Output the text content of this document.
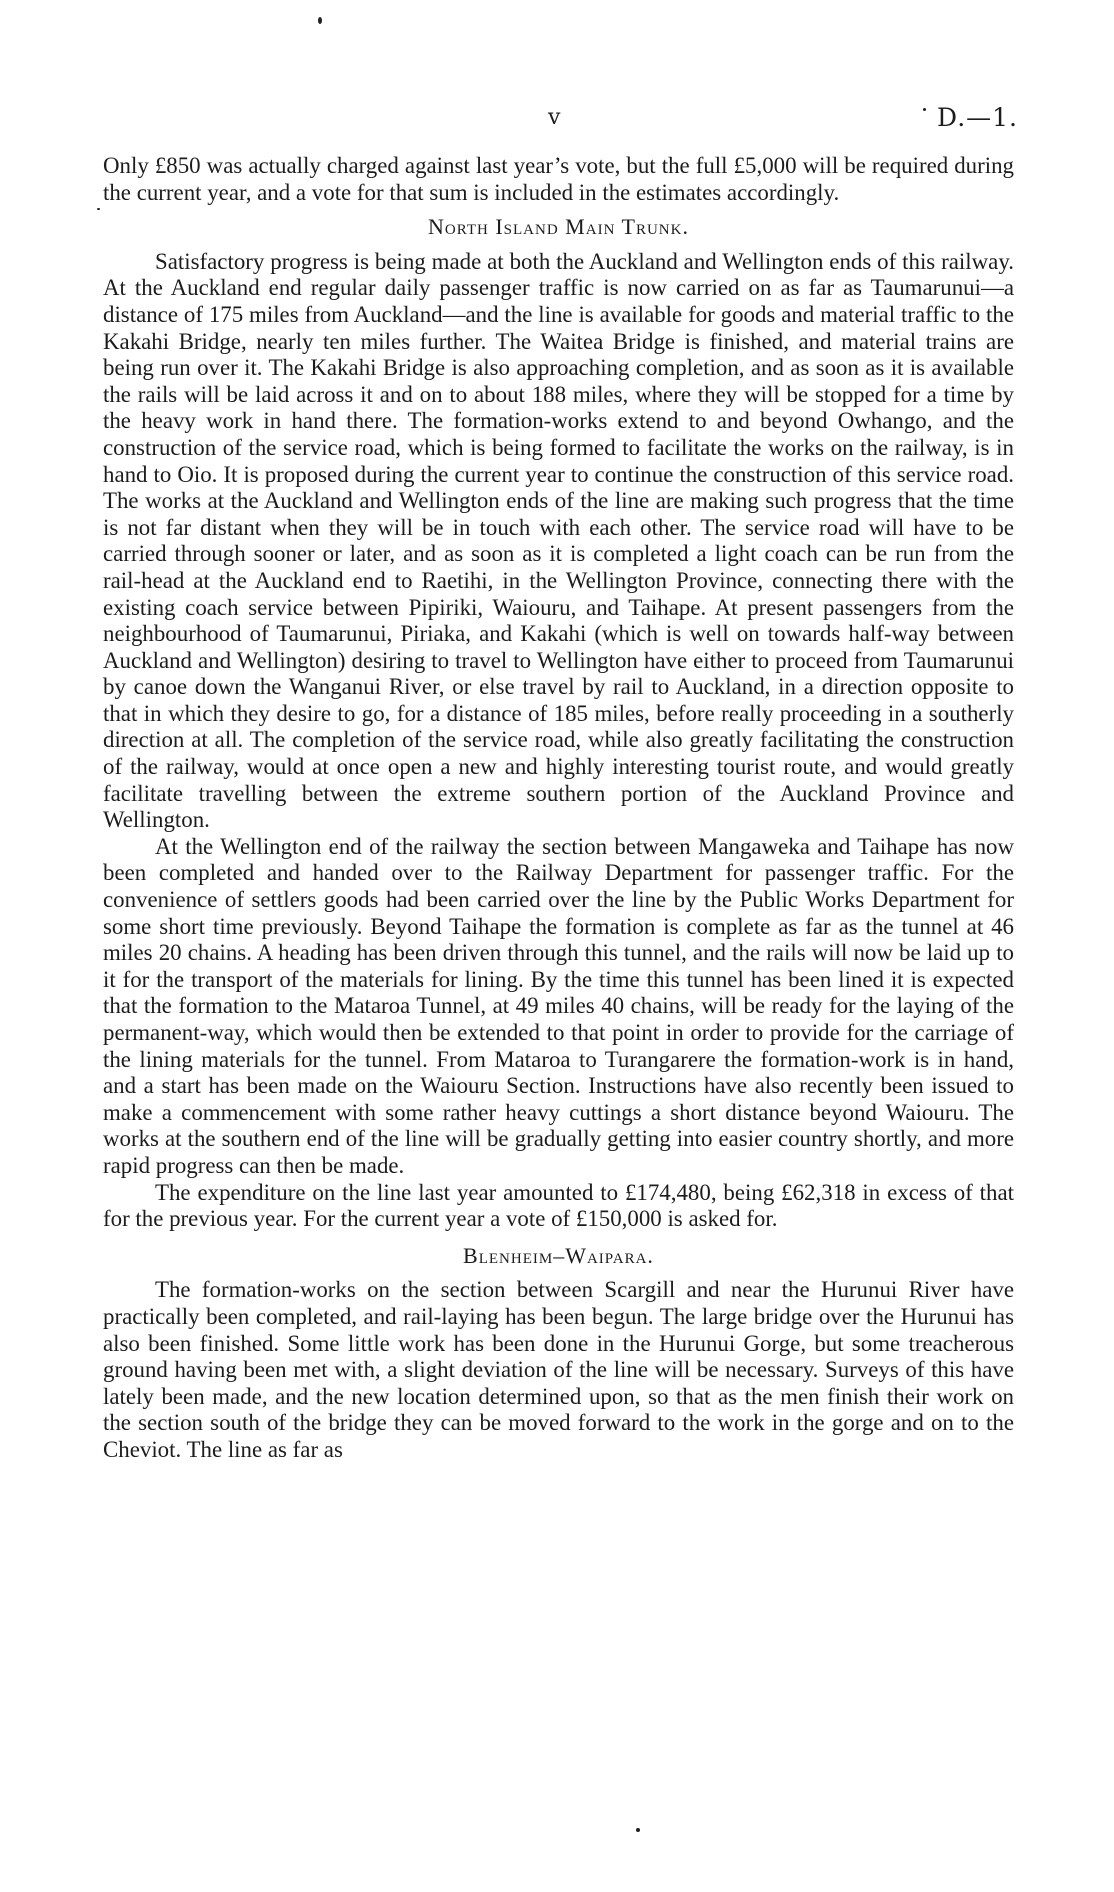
v	D.—1.

Only £850 was actually charged against last year’s vote, but the full £5,000 will be required during the current year, and a vote for that sum is included in the estimates accordingly.

North Island Main Trunk.

Satisfactory progress is being made at both the Auckland and Wellington ends of this railway. At the Auckland end regular daily passenger traffic is now carried on as far as Taumarunui—a distance of 175 miles from Auckland—and the line is available for goods and material traffic to the Kakahi Bridge, nearly ten miles further. The Waitea Bridge is finished, and material trains are being run over it. The Kakahi Bridge is also approaching completion, and as soon as it is available the rails will be laid across it and on to about 188 miles, where they will be stopped for a time by the heavy work in hand there. The formation-works extend to and beyond Owhango, and the construction of the service road, which is being formed to facilitate the works on the railway, is in hand to Oio. It is proposed during the current year to continue the construction of this service road. The works at the Auckland and Wellington ends of the line are making such progress that the time is not far distant when they will be in touch with each other. The service road will have to be carried through sooner or later, and as soon as it is completed a light coach can be run from the rail-head at the Auckland end to Raetihi, in the Wellington Province, connecting there with the existing coach service between Pipiriki, Waiouru, and Taihape. At present passengers from the neighbourhood of Taumarunui, Piriaka, and Kakahi (which is well on towards half-way between Auckland and Wellington) desiring to travel to Wellington have either to proceed from Taumarunui by canoe down the Wanganui River, or else travel by rail to Auckland, in a direction opposite to that in which they desire to go, for a distance of 185 miles, before really proceeding in a southerly direction at all. The completion of the service road, while also greatly facilitating the construction of the railway, would at once open a new and highly interesting tourist route, and would greatly facilitate travelling between the extreme southern portion of the Auckland Province and Wellington.

At the Wellington end of the railway the section between Mangaweka and Taihape has now been completed and handed over to the Railway Department for passenger traffic. For the convenience of settlers goods had been carried over the line by the Public Works Department for some short time previously. Beyond Taihape the formation is complete as far as the tunnel at 46 miles 20 chains. A heading has been driven through this tunnel, and the rails will now be laid up to it for the transport of the materials for lining. By the time this tunnel has been lined it is expected that the formation to the Mataroa Tunnel, at 49 miles 40 chains, will be ready for the laying of the permanent-way, which would then be extended to that point in order to provide for the carriage of the lining materials for the tunnel. From Mataroa to Turangarere the formation-work is in hand, and a start has been made on the Waiouru Section. Instructions have also recently been issued to make a commencement with some rather heavy cuttings a short distance beyond Waiouru. The works at the southern end of the line will be gradually getting into easier country shortly, and more rapid progress can then be made.

The expenditure on the line last year amounted to £174,480, being £62,318 in excess of that for the previous year. For the current year a vote of £150,000 is asked for.

Blenheim–Waipara.

The formation-works on the section between Scargill and near the Hurunui River have practically been completed, and rail-laying has been begun. The large bridge over the Hurunui has also been finished. Some little work has been done in the Hurunui Gorge, but some treacherous ground having been met with, a slight deviation of the line will be necessary. Surveys of this have lately been made, and the new location determined upon, so that as the men finish their work on the section south of the bridge they can be moved forward to the work in the gorge and on to the Cheviot. The line as far as
